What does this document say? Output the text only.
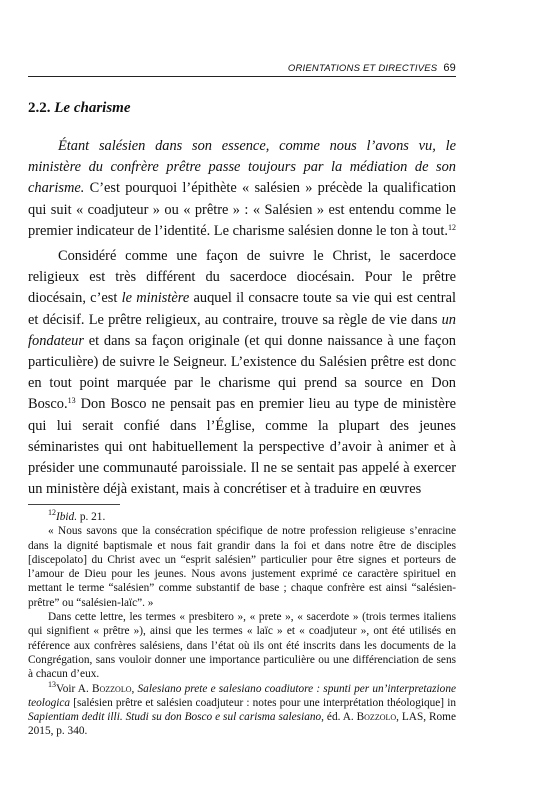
ORIENTATIONS ET DIRECTIVES 69
2.2. Le charisme

Étant salésien dans son essence, comme nous l’avons vu, le ministère du confrère prêtre passe toujours par la médiation de son charisme. C’est pourquoi l’épithète « salésien » précède la qualification qui suit « coadjuteur » ou « prêtre » : « Salésien » est entendu comme le premier indicateur de l’identité. Le charisme salésien donne le ton à tout.$^{12}$

Considéré comme une façon de suivre le Christ, le sacerdoce religieux est très différent du sacerdoce diocésain. Pour le prêtre diocésain, c’est le ministère auquel il consacre toute sa vie qui est central et décisif. Le prêtre religieux, au contraire, trouve sa règle de vie dans un fondateur et dans sa façon originale (et qui donne naissance à une façon particulière) de suivre le Seigneur. L’existence du Salésien prêtre est donc en tout point marquée par le charisme qui prend sa source en Don Bosco.$^{13}$ Don Bosco ne pensait pas en premier lieu au type de ministère qui lui serait confié dans l’Église, comme la plupart des jeunes séminaristes qui ont habituellement la perspective d’avoir à animer et à présider une communauté paroissiale. Il ne se sentait pas appelé à exercer un ministère déjà existant, mais à concrétiser et à traduire en œuvres

$^{12}$Ibid. p. 21.

« Nous savons que la consécration spécifique de notre profession religieuse s’enracine dans la dignité baptismale et nous fait grandir dans la foi et dans notre être de disciples [discepolato] du Christ avec un “esprit salésien” particulier pour être signes et porteurs de l’amour de Dieu pour les jeunes. Nous avons justement exprimé ce caractère spirituel en mettant le terme “salésien” comme substantif de base ; chaque confrère est ainsi “salésien-prêtre” ou “salésien-laïc”. »

Dans cette lettre, les termes « presbitero », « prete », « sacerdote » (trois termes italiens qui signifient « prêtre »), ainsi que les termes « laïc » et « coadjuteur », ont été utilisés en référence aux confrères salésiens, dans l’état où ils ont été inscrits dans les documents de la Congrégation, sans vouloir donner une importance particulière ou une différenciation de sens à chacun d’eux.

$^{13}$Voir A. Bozzolo, Salesiano prete e salesiano coadiutore : spunti per un’interpretazione teologica [salésien prêtre et salésien coadjuteur : notes pour une interprétation théologique] in Sapientiam dedit illi. Studi su don Bosco e sul carisma salesiano, éd. A. Bozzolo, LAS, Rome 2015, p. 340.
